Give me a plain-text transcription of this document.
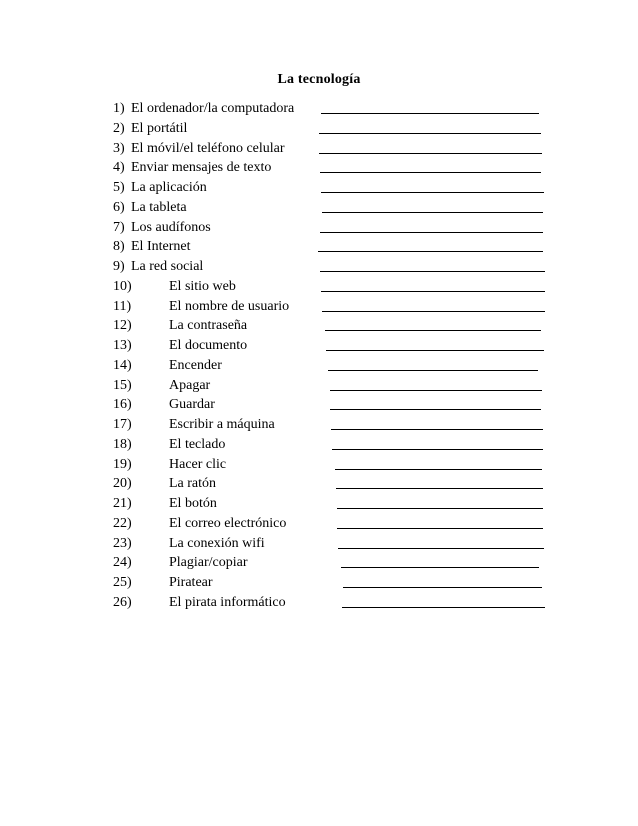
La tecnología
1) El ordenador/la computadora
2) El portátil
3) El móvil/el teléfono celular
4) Enviar mensajes de texto
5) La aplicación
6) La tableta
7) Los audífonos
8) El Internet
9) La red social
10)	El sitio web
11)	El nombre de usuario
12)	La contraseña
13)	El documento
14)	Encender
15)	Apagar
16)	Guardar
17)	Escribir a máquina
18)	El teclado
19)	Hacer clic
20)	La ratón
21)	El botón
22)	El correo electrónico
23)	La conexión wifi
24)	Plagiar/copiar
25)	Piratear
26)	El pirata informático
